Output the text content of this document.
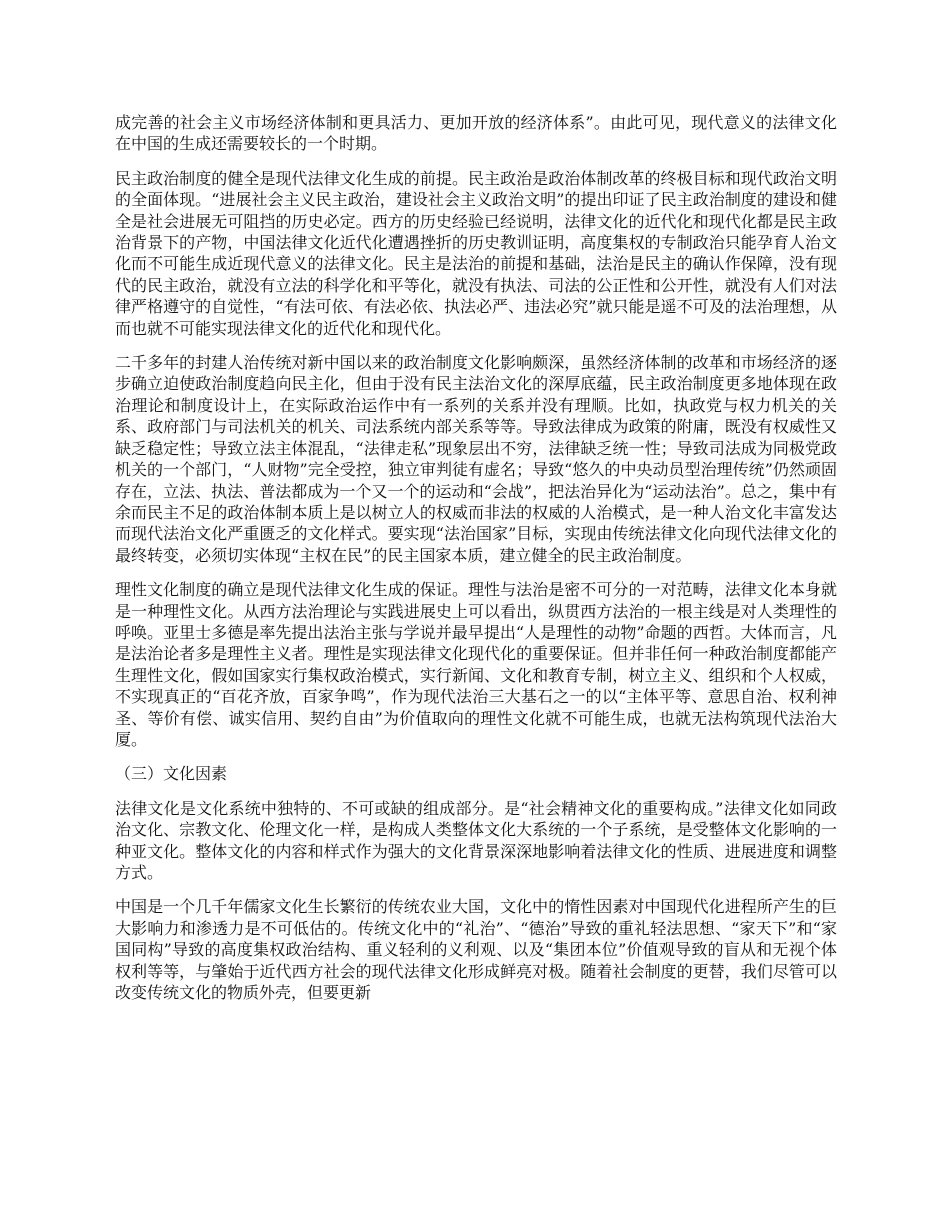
成完善的社会主义市场经济体制和更具活力、更加开放的经济体系”。由此可见，现代意义的法律文化在中国的生成还需要较长的一个时期。

民主政治制度的健全是现代法律文化生成的前提。民主政治是政治体制改革的终极目标和现代政治文明的全面体现。“进展社会主义民主政治，建设社会主义政治文明”的提出印证了民主政治制度的建设和健全是社会进展无可阻挡的历史必定。西方的历史经验已经说明，法律文化的近代化和现代化都是民主政治背景下的产物，中国法律文化近代化遭遇挫折的历史教训证明，高度集权的专制政治只能孕育人治文化而不可能生成近现代意义的法律文化。民主是法治的前提和基础，法治是民主的确认作保障，没有现代的民主政治，就没有立法的科学化和平等化，就没有执法、司法的公正性和公开性，就没有人们对法律严格遵守的自觉性，“有法可依、有法必依、执法必严、违法必究”就只能是遥不可及的法治理想，从而也就不可能实现法律文化的近代化和现代化。

二千多年的封建人治传统对新中国以来的政治制度文化影响颇深，虽然经济体制的改革和市场经济的逐步确立迫使政治制度趋向民主化，但由于没有民主法治文化的深厚底蕴，民主政治制度更多地体现在政治理论和制度设计上，在实际政治运作中有一系列的关系并没有理顺。比如，执政党与权力机关的关系、政府部门与司法机关的机关、司法系统内部关系等等。导致法律成为政策的附庸，既没有权威性又缺乏稳定性；导致立法主体混乱，“法律走私”现象层出不穷，法律缺乏统一性；导致司法成为同极党政机关的一个部门，“人财物”完全受控，独立审判徒有虚名；导致“悠久的中央动员型治理传统”仍然顽固存在，立法、执法、普法都成为一个又一个的运动和“会战”，把法治异化为“运动法治”。总之，集中有余而民主不足的政治体制本质上是以树立人的权威而非法的权威的人治模式，是一种人治文化丰富发达而现代法治文化严重匮乏的文化样式。要实现“法治国家”目标，实现由传统法律文化向现代法律文化的最终转变，必须切实体现“主权在民”的民主国家本质，建立健全的民主政治制度。

理性文化制度的确立是现代法律文化生成的保证。理性与法治是密不可分的一对范畴，法律文化本身就是一种理性文化。从西方法治理论与实践进展史上可以看出，纵贯西方法治的一根主线是对人类理性的呼唤。亚里士多德是率先提出法治主张与学说并最早提出“人是理性的动物”命题的西哲。大体而言，凡是法治论者多是理性主义者。理性是实现法律文化现代化的重要保证。但并非任何一种政治制度都能产生理性文化，假如国家实行集权政治模式，实行新闻、文化和教育专制，树立主义、组织和个人权威，不实现真正的“百花齐放，百家争鸣”，作为现代法治三大基石之一的以“主体平等、意思自治、权利神圣、等价有偿、诚实信用、契约自由”为价值取向的理性文化就不可能生成，也就无法构筑现代法治大厦。

（三）文化因素

法律文化是文化系统中独特的、不可或缺的组成部分。是“社会精神文化的重要构成。”法律文化如同政治文化、宗教文化、伦理文化一样，是构成人类整体文化大系统的一个子系统，是受整体文化影响的一种亚文化。整体文化的内容和样式作为强大的文化背景深深地影响着法律文化的性质、进展进度和调整方式。

中国是一个几千年儒家文化生长繁衍的传统农业大国，文化中的惰性因素对中国现代化进程所产生的巨大影响力和渗透力是不可低估的。传统文化中的“礼治”、“德治”导致的重礼轻法思想、“家天下”和“家国同构”导致的高度集权政治结构、重义轻利的义利观、以及“集团本位”价值观导致的盲从和无视个体权利等等，与肇始于近代西方社会的现代法律文化形成鲜亮对极。随着社会制度的更替，我们尽管可以改变传统文化的物质外壳，但要更新
